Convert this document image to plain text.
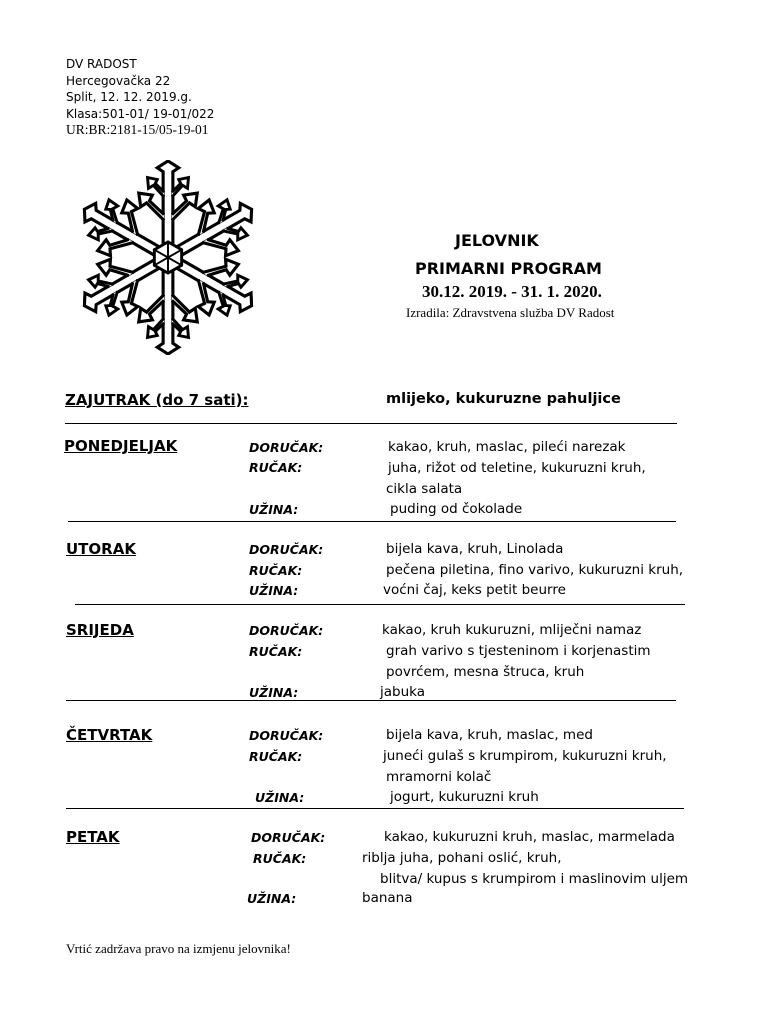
DV RADOST
Hercegovačka 22
Split, 12. 12. 2019.g.
Klasa:501-01/ 19-01/022
UR:BR:2181-15/05-19-01
JELOVNIK
PRIMARNI PROGRAM
30.12. 2019. - 31. 1. 2020.
Izradila: Zdravstvena služba DV Radost
ZAJUTRAK (do 7 sati):	mlijeko, kukuruzne pahuljice
PONEDJELJAK	DORUČAK:	kakao, kruh, maslac, pileći narezak
RUČAK:	juha, rižot od teletine, kukuruzni kruh,
cikla salata
UŽINA:	puding od čokolade
UTORAK	DORUČAK:	bijela kava, kruh, Linolada
RUČAK:	pečena piletina, fino varivo, kukuruzni kruh,
UŽINA:	voćni čaj, keks petit beurre
SRIJEDA	DORUČAK:	kakao, kruh kukuruzni, mliječni namaz
RUČAK:	grah varivo s tjesteninom i korjenastim
povrćem, mesna štruca, kruh
UŽINA:	jabuka
ČETVRTAK	DORUČAK:	bijela kava, kruh, maslac, med
RUČAK:	juneći gulaš s krumpirom, kukuruzni kruh,
mramorni kolač
UŽINA:	jogurt, kukuruzni kruh
PETAK	DORUČAK:	kakao, kukuruzni kruh, maslac, marmelada
RUČAK:	riblja juha, pohani oslić, kruh,
blitva/ kupus s krumpirom i maslinovim uljem
UŽINA:	banana
Vrtić zadržava pravo na izmjenu jelovnika!
